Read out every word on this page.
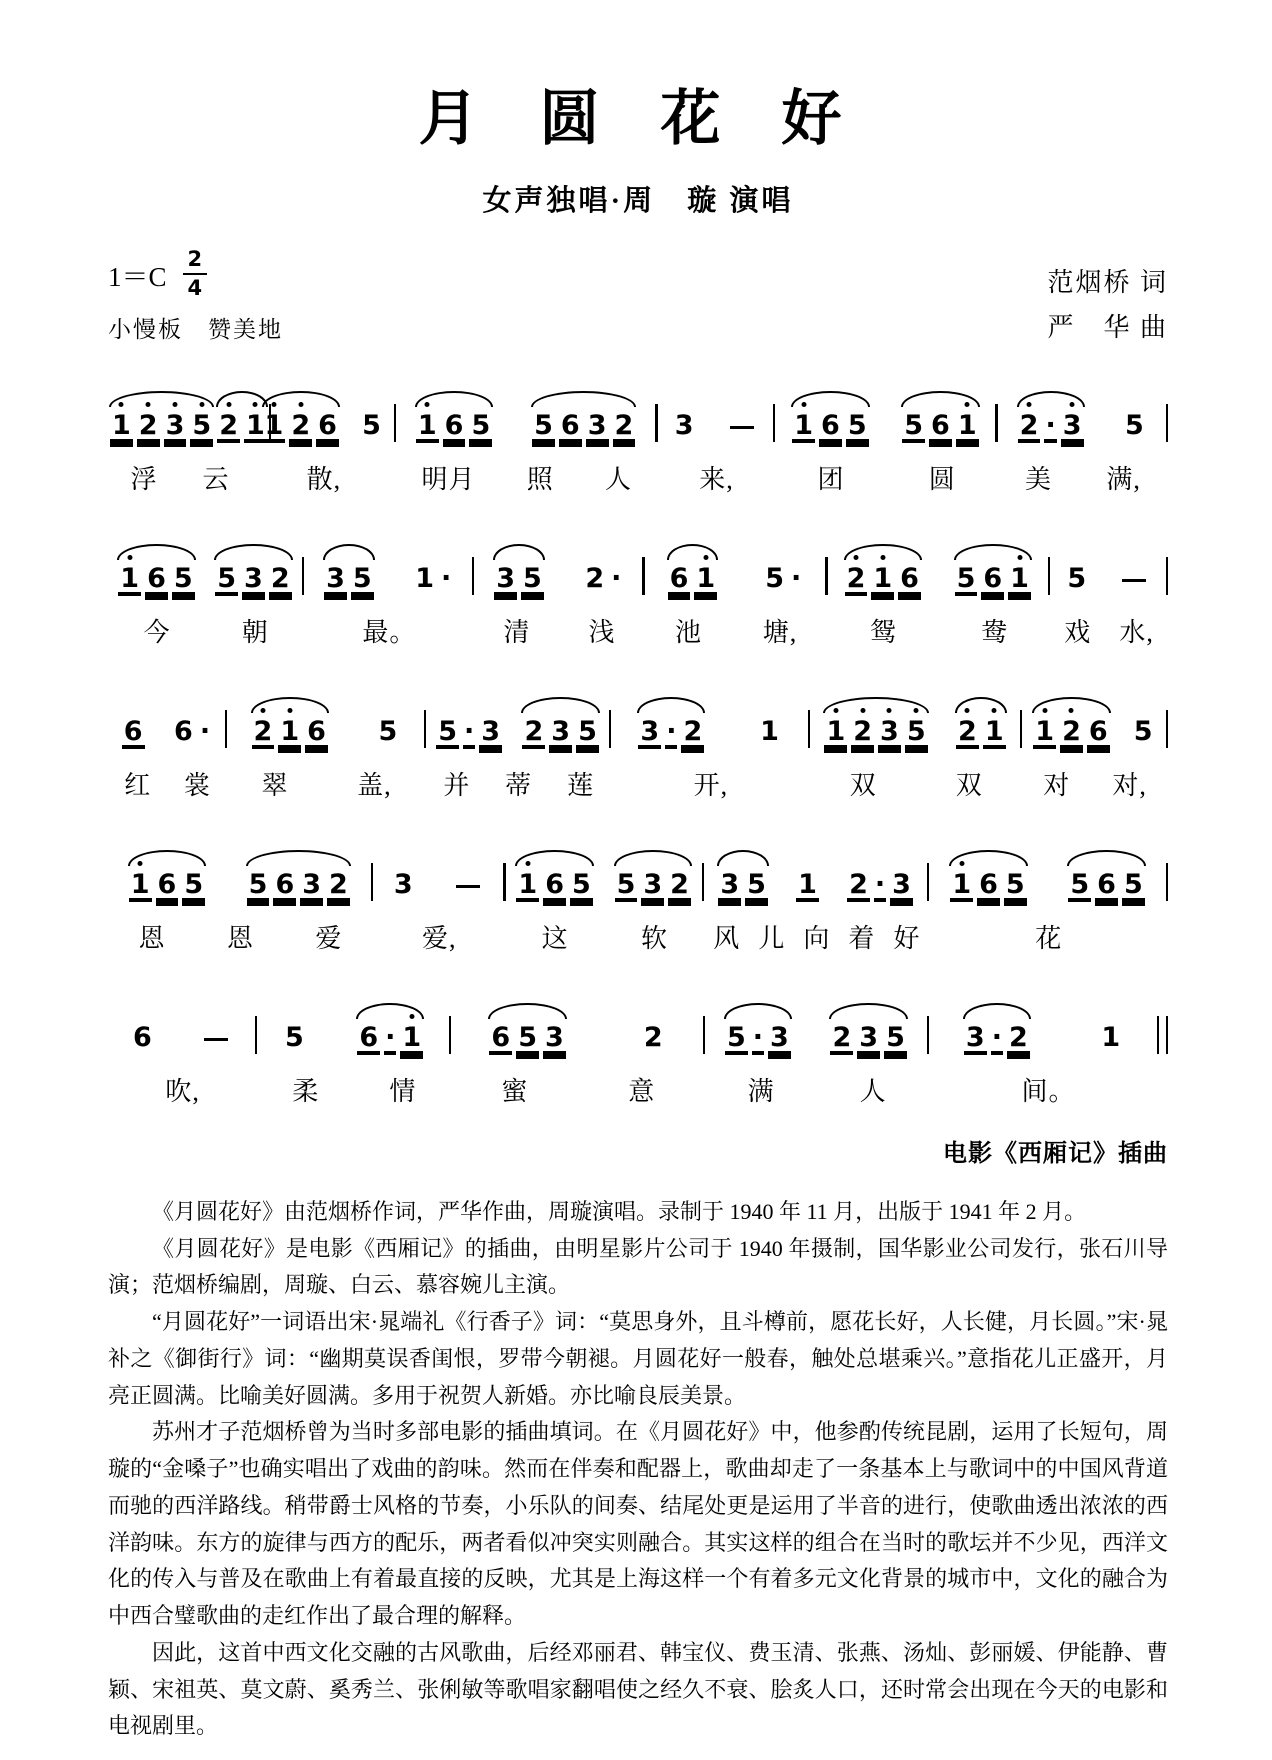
月 圆 花 好
女声独唱·周　璇 演唱
$1=C \frac{2}{4}$	范烟桥 词
小慢板　赞美地	严　华 曲
1 2 3 5 2 1
浮 云
1 2 6 5
散,
1 6 5 5 6 3 2
明月 照 人
3
来,
1 6 5 5 6 1
团	圆
2 · 3 5
美 满,
1 6 5 5 3 2
今	朝
3 5 1 ·
最。
3 5 2 ·
清 浅
6 1 5 ·
池 塘,
2 1 6 5 6 1
鸳	鸯
5
戏 水,
6 6 ·
红 裳
2 1 6 5
翠	盖,
5 · 3 2 3 5
并 蒂 莲
3 · 2 1
开,
1 2 3 5 2 1
双	双
1 2 6 5
对 对,
1 6 5 5 6 3 2
恩 恩 爱
3
爱,
1 6 5 5 3 2
这	软
3 5 1 2 · 3
风 儿 向 着 好
1 6 5 5 6 5
花
6
吹,
5 6 · 1
柔	情
6 5 3	2
蜜	意
5 · 3 2 3 5
满	人
3 · 2	1
间。
电影《西厢记》插曲

《月圆花好》由范烟桥作词，严华作曲，周璇演唱。录制于 1940 年 11 月，出版于 1941 年 2 月。

《月圆花好》是电影《西厢记》的插曲，由明星影片公司于 1940 年摄制，国华影业公司发行，张石川导演；范烟桥编剧，周璇、白云、慕容婉儿主演。

“月圆花好”一词语出宋·晁端礼《行香子》词：“莫思身外，且斗樽前，愿花长好，人长健，月长圆。”宋·晁补之《御街行》词：“幽期莫误香闺恨，罗带今朝褪。月圆花好一般春，触处总堪乘兴。”意指花儿正盛开，月亮正圆满。比喻美好圆满。多用于祝贺人新婚。亦比喻良辰美景。

苏州才子范烟桥曾为当时多部电影的插曲填词。在《月圆花好》中，他参酌传统昆剧，运用了长短句，周璇的“金嗓子”也确实唱出了戏曲的韵味。然而在伴奏和配器上，歌曲却走了一条基本上与歌词中的中国风背道而驰的西洋路线。稍带爵士风格的节奏，小乐队的间奏、结尾处更是运用了半音的进行，使歌曲透出浓浓的西洋韵味。东方的旋律与西方的配乐，两者看似冲突实则融合。其实这样的组合在当时的歌坛并不少见，西洋文化的传入与普及在歌曲上有着最直接的反映，尤其是上海这样一个有着多元文化背景的城市中，文化的融合为中西合璧歌曲的走红作出了最合理的解释。

因此，这首中西文化交融的古风歌曲，后经邓丽君、韩宝仪、费玉清、张燕、汤灿、彭丽媛、伊能静、曹颖、宋祖英、莫文蔚、奚秀兰、张俐敏等歌唱家翻唱使之经久不衰、脍炙人口，还时常会出现在今天的电影和电视剧里。
